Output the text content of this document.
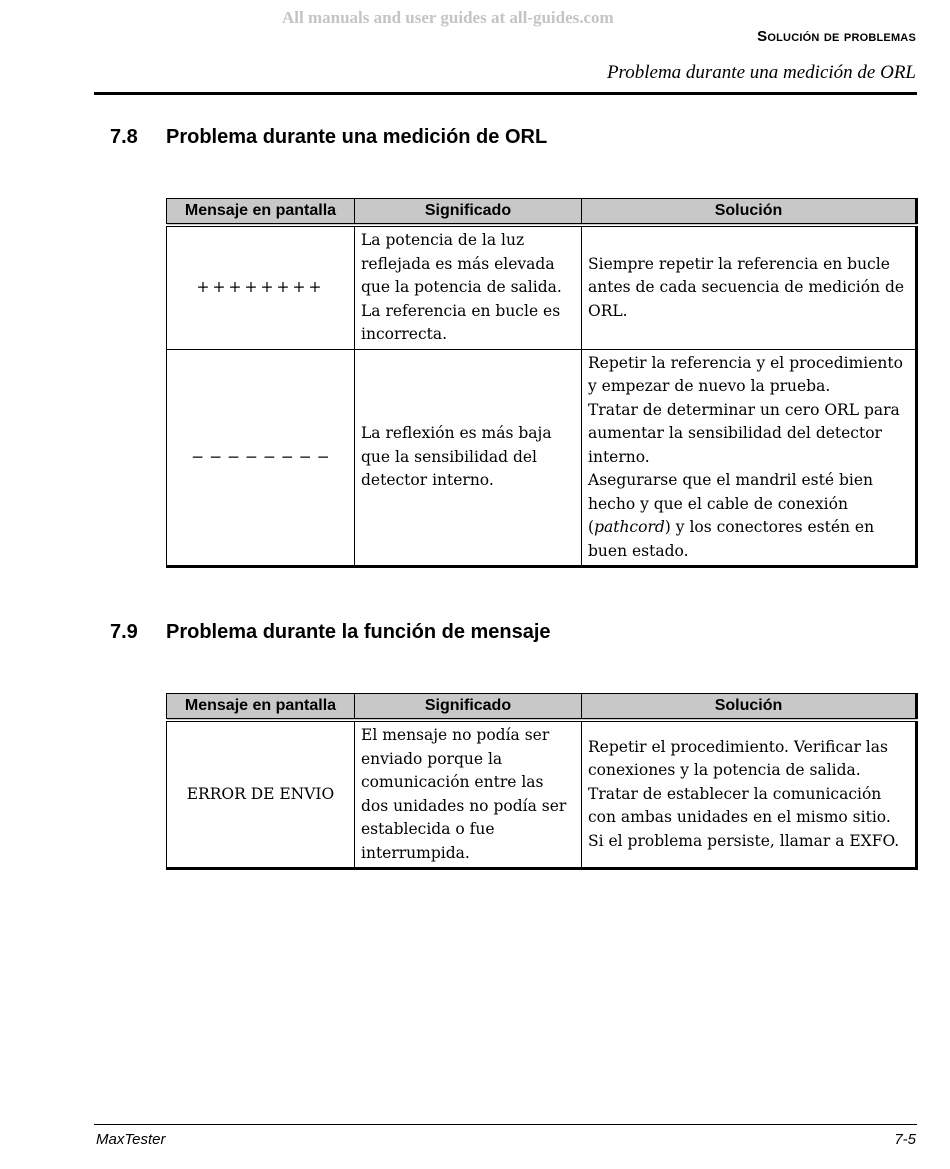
All manuals and user guides at all-guides.com
Solución de problemas
Problema durante una medición de ORL
7.8 Problema durante una medición de ORL
Mensaje en pantalla	Significado	Solución
++++++++	La potencia de la luz reflejada es más elevada que la potencia de salida. La referencia en bucle es incorrecta.	Siempre repetir la referencia en bucle antes de cada secuencia de medición de ORL.
− − − − − − − −	La reflexión es más baja que la sensibilidad del detector interno.	Repetir la referencia y el procedimiento y empezar de nuevo la prueba.
Tratar de determinar un cero ORL para aumentar la sensibilidad del detector interno.
Asegurarse que el mandril esté bien hecho y que el cable de conexión (pathcord) y los conectores estén en buen estado.
7.9 Problema durante la función de mensaje
Mensaje en pantalla	Significado	Solución
ERROR DE ENVIO	El mensaje no podía ser enviado porque la comunicación entre las dos unidades no podía ser establecida o fue interrumpida.	Repetir el procedimiento. Verificar las conexiones y la potencia de salida. Tratar de establecer la comunicación con ambas unidades en el mismo sitio. Si el problema persiste, llamar a EXFO.
MaxTester	7-5
